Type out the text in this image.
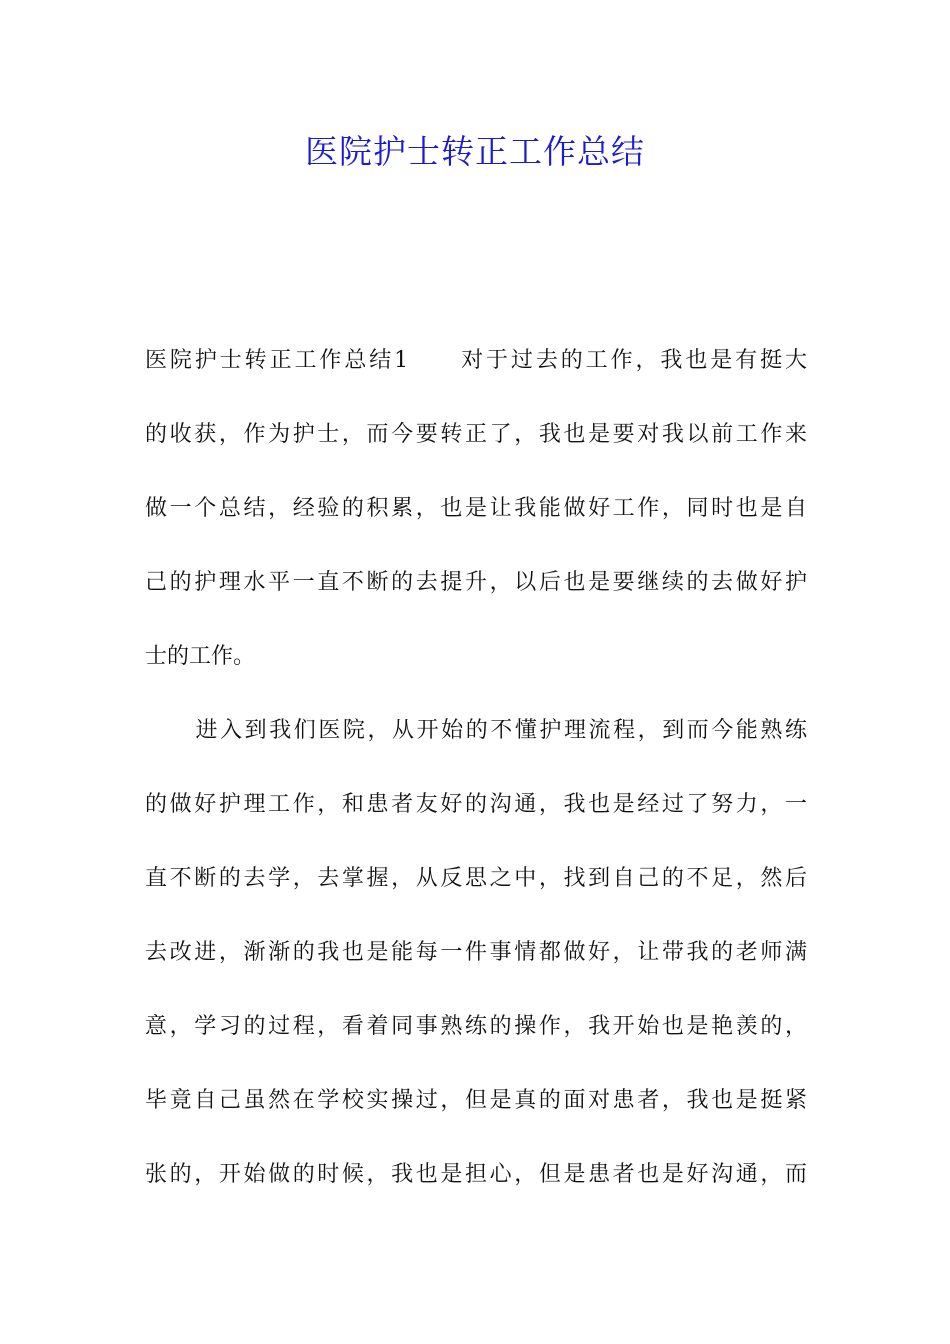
医院护士转正工作总结
医院护士转正工作总结1 对于过去的工作，我也是有挺大
的收获，作为护士，而今要转正了，我也是要对我以前工作来
做一个总结，经验的积累，也是让我能做好工作，同时也是自
己的护理水平一直不断的去提升，以后也是要继续的去做好护
士的工作。
进入到我们医院，从开始的不懂护理流程，到而今能熟练
的做好护理工作，和患者友好的沟通，我也是经过了努力，一
直不断的去学，去掌握，从反思之中，找到自己的不足，然后
去改进，渐渐的我也是能每一件事情都做好，让带我的老师满
意，学习的过程，看着同事熟练的操作，我开始也是艳羡的，
毕竟自己虽然在学校实操过，但是真的面对患者，我也是挺紧
张的，开始做的时候，我也是担心，但是患者也是好沟通，而
